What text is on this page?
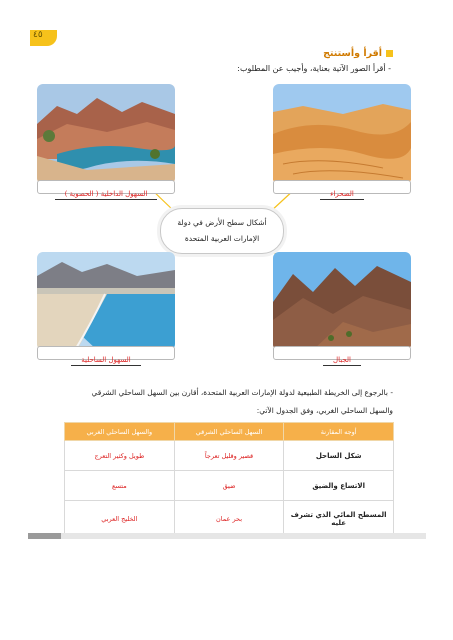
٤٥
أقرأ وأستنتج
- أقرأ الصور الآتية بعناية، وأجيب عن المطلوب:
السهول الداخلية ( الحصوية )	الصحراء
أشكال سطح الأرض في دولة
الإمارات العربية المتحدة
السهول الساحلية	الجبال
- بالرجوع إلى الخريطة الطبيعية لدولة الإمارات العربية المتحدة، أقارن بين السهل الساحلي الشرقي
والسهل الساحلي الغربي، وفق الجدول الآتي:
أوجه المقارنة	السهل الساحلي الشرقي	والسهل الساحلي الغربي
شكل الساحل	قصير وقليل تعرجاً	طويل وكثير التعرج
الاتساع والضيق	ضيق	متسع
المسطح المائي الذي تشرف عليه	بحر عمان	الخليج العربي
